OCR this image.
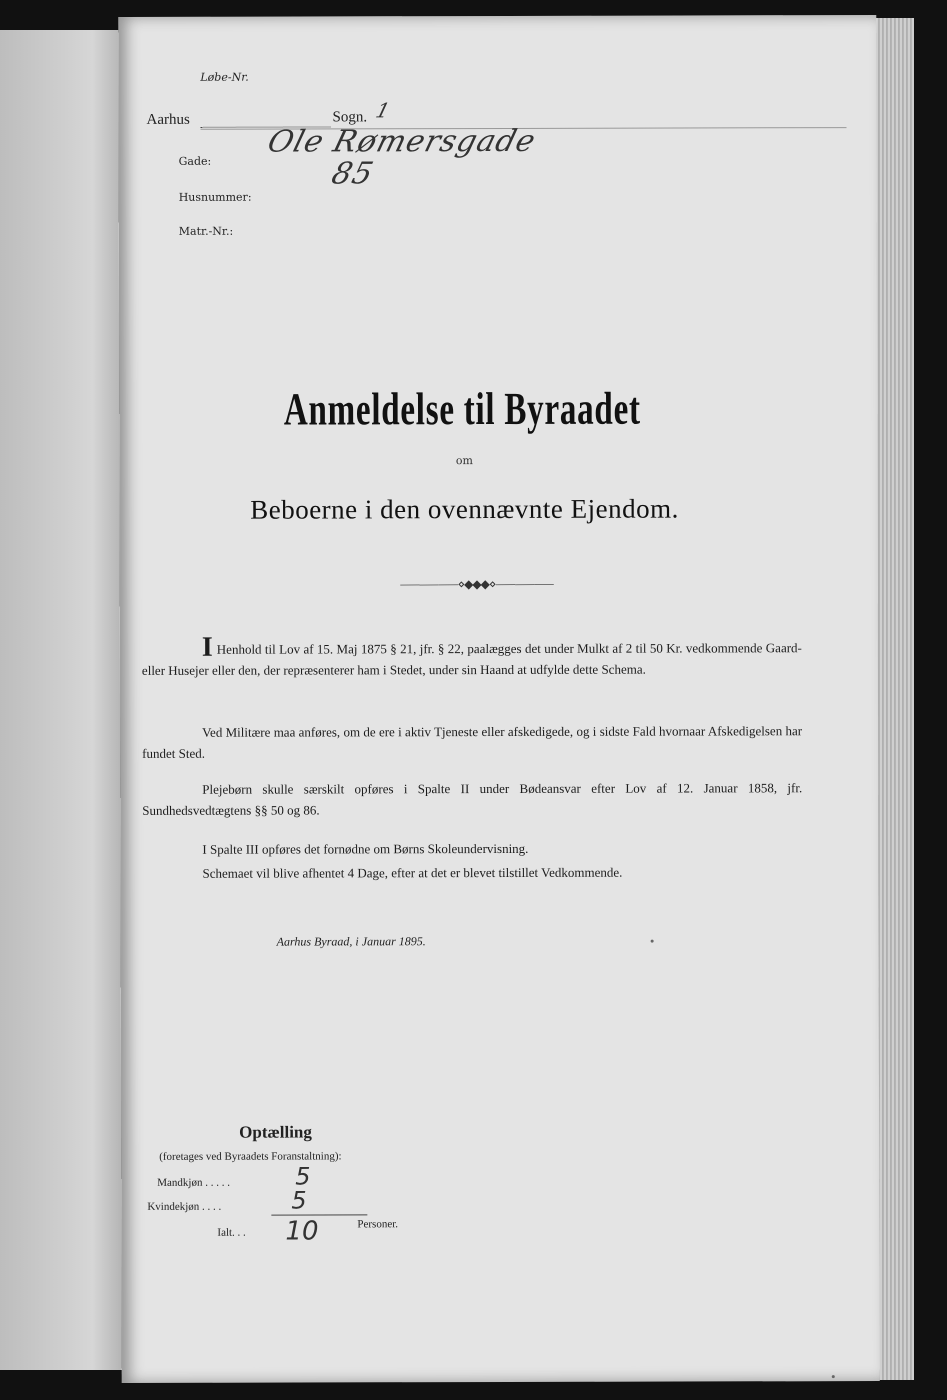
Løbe-Nr.
Aarhus	Sogn. 1
Gade:
Ole Rømersgade
Husnummer:
85
Matr.-Nr.:
Anmeldelse til Byraadet
om
Beboerne i den ovennævnte Ejendom.
⸺⸺⸺⋄◆◆◆⋄⸺⸺⸺
I Henhold til Lov af 15. Maj 1875 § 21, jfr. § 22, paalægges det under Mulkt af 2 til 50 Kr. vedkommende Gaard- eller Husejer eller den, der repræsenterer ham i Stedet, under sin Haand at udfylde dette Schema.
Ved Militære maa anføres, om de ere i aktiv Tjeneste eller afskedigede, og i sidste Fald hvornaar Afskedigelsen har fundet Sted.
Plejebørn skulle særskilt opføres i Spalte II under Bødeansvar efter Lov af 12. Januar 1858, jfr. Sundhedsvedtægtens §§ 50 og 86.
I Spalte III opføres det fornødne om Børns Skoleundervisning.
Schemaet vil blive afhentet 4 Dage, efter at det er blevet tilstillet Vedkommende.
Aarhus Byraad, i Januar 1895.
Optælling
(foretages ved Byraadets Foranstaltning):
Mandkjøn . . . . .	5
Kvindekjøn . . . .	5
Ialt. . . 10	Personer.
